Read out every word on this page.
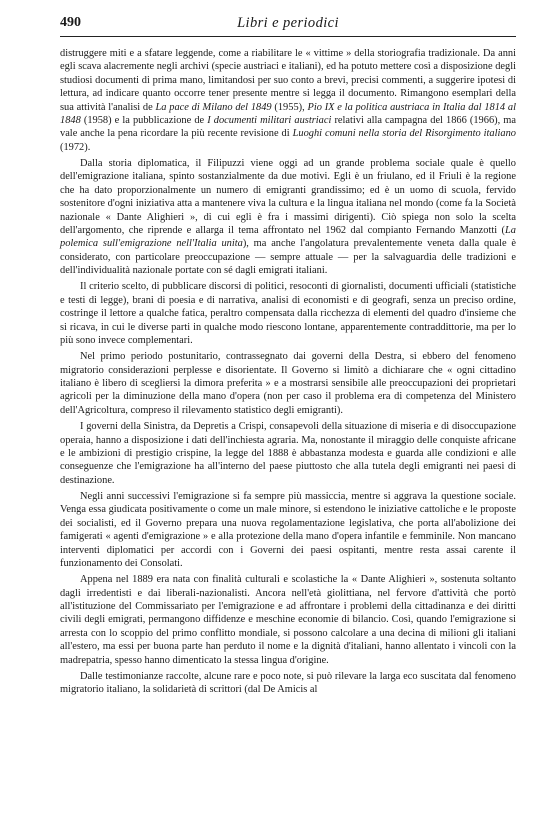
490	Libri e periodici

distruggere miti e a sfatare leggende, come a riabilitare le « vittime » della storiografia tradizionale. Da anni egli scava alacremente negli archivi (specie austriaci e italiani), ed ha potuto mettere così a disposizione degli studiosi documenti di prima mano, limitandosi per suo conto a brevi, precisi commenti, a suggerire ipotesi di lettura, ad indicare quanto occorre tener presente mentre si legga il documento. Rimangono esemplari della sua attività l'analisi de La pace di Milano del 1849 (1955), Pio IX e la politica austriaca in Italia dal 1814 al 1848 (1958) e la pubblicazione de I documenti militari austriaci relativi alla campagna del 1866 (1966), ma vale anche la pena ricordare la più recente revisione di Luoghi comuni nella storia del Risorgimento italiano (1972).

Dalla storia diplomatica, il Filipuzzi viene oggi ad un grande problema sociale quale è quello dell'emigrazione italiana, spinto sostanzialmente da due motivi. Egli è un friulano, ed il Friuli è la regione che ha dato proporzionalmente un numero di emigranti grandissimo; ed è un uomo di scuola, fervido sostenitore d'ogni iniziativa atta a mantenere viva la cultura e la lingua italiana nel mondo (come fa la Società nazionale « Dante Alighieri », di cui egli è fra i massimi dirigenti). Ciò spiega non solo la scelta dell'argomento, che riprende e allarga il tema affrontato nel 1962 dal compianto Fernando Manzotti (La polemica sull'emigrazione nell'Italia unita), ma anche l'angolatura prevalentemente veneta dalla quale è considerato, con particolare preoccupazione — sempre attuale — per la salvaguardia delle tradizioni e dell'individualità nazionale portate con sé dagli emigrati italiani.

Il criterio scelto, di pubblicare discorsi di politici, resoconti di giornalisti, documenti ufficiali (statistiche e testi di legge), brani di poesia e di narrativa, analisi di economisti e di geografi, senza un preciso ordine, costringe il lettore a qualche fatica, peraltro compensata dalla ricchezza di elementi del quadro d'insieme che si ricava, in cui le diverse parti in qualche modo riescono lontane, apparentemente contraddittorie, ma per lo più sono invece complementari.

Nel primo periodo postunitario, contrassegnato dai governi della Destra, si ebbero del fenomeno migratorio considerazioni perplesse e disorientate. Il Governo si limitò a dichiarare che « ogni cittadino italiano è libero di scegliersi la dimora preferita » e a mostrarsi sensibile alle preoccupazioni dei proprietari agricoli per la diminuzione della mano d'opera (non per caso il problema era di competenza del Ministero dell'Agricoltura, compreso il rilevamento statistico degli emigranti).

I governi della Sinistra, da Depretis a Crispi, consapevoli della situazione di miseria e di disoccupazione operaia, hanno a disposizione i dati dell'inchiesta agraria. Ma, nonostante il miraggio delle conquiste africane e le ambizioni di prestigio crispine, la legge del 1888 è abbastanza modesta e guarda alle condizioni e alle conseguenze che l'emigrazione ha all'interno del paese piuttosto che alla tutela degli emigranti nei paesi di destinazione.

Negli anni successivi l'emigrazione si fa sempre più massiccia, mentre si aggrava la questione sociale. Venga essa giudicata positivamente o come un male minore, si estendono le iniziative cattoliche e le proposte dei socialisti, ed il Governo prepara una nuova regolamentazione legislativa, che porta all'abolizione dei famigerati « agenti d'emigrazione » e alla protezione della mano d'opera infantile e femminile. Non mancano interventi diplomatici per accordi con i Governi dei paesi ospitanti, mentre resta assai carente il funzionamento dei Consolati.

Appena nel 1889 era nata con finalità culturali e scolastiche la « Dante Alighieri », sostenuta soltanto dagli irredentisti e dai liberali-nazionalisti. Ancora nell'età giolittiana, nel fervore d'attività che portò all'istituzione del Commissariato per l'emigrazione e ad affrontare i problemi della cittadinanza e dei diritti civili degli emigrati, permangono diffidenze e meschine economie di bilancio. Così, quando l'emigrazione si arresta con lo scoppio del primo conflitto mondiale, si possono calcolare a una decina di milioni gli italiani all'estero, ma essi per buona parte han perduto il nome e la dignità d'italiani, hanno allentato i vincoli con la madrepatria, spesso hanno dimenticato la stessa lingua d'origine.

Dalle testimonianze raccolte, alcune rare e poco note, si può rilevare la larga eco suscitata dal fenomeno migratorio italiano, la solidarietà di scrittori (dal De Amicis al
